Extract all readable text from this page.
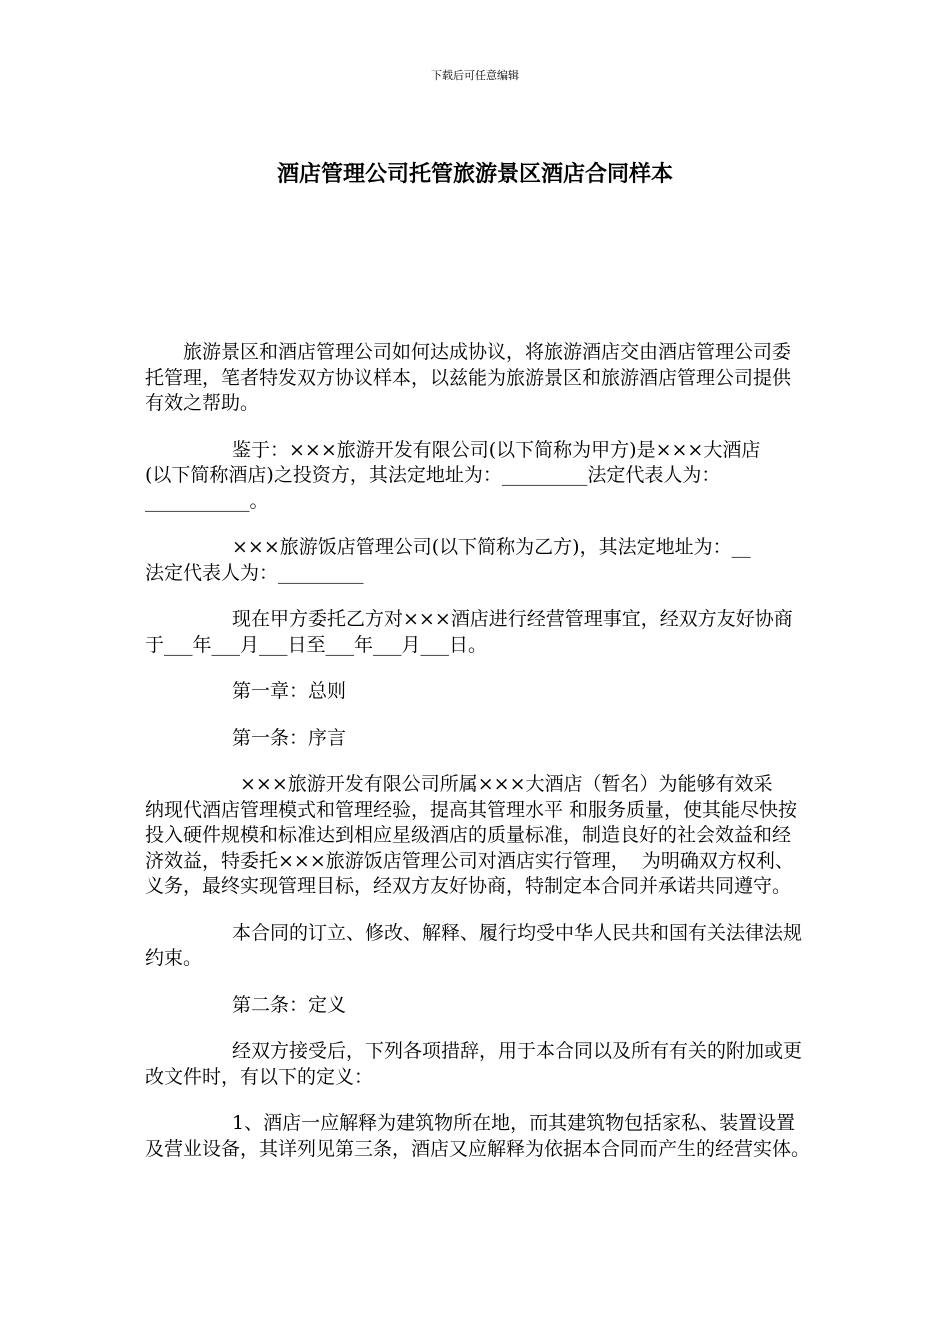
下载后可任意编辑
酒店管理公司托管旅游景区酒店合同样本
旅游景区和酒店管理公司如何达成协议，将旅游酒店交由酒店管理公司委
托管理，笔者特发双方协议样本，以兹能为旅游景区和旅游酒店管理公司提供
有效之帮助。
鉴于：×××旅游开发有限公司(以下简称为甲方)是×××大酒店
(以下简称酒店)之投资方，其法定地址为：_________法定代表人为：
___________。
×××旅游饭店管理公司(以下简称为乙方)，其法定地址为：__
法定代表人为：_________
现在甲方委托乙方对×××酒店进行经营管理事宜，经双方友好协商
于___年___月___日至___年___月___日。
第一章：总则
第一条：序言
×××旅游开发有限公司所属×××大酒店（暂名）为能够有效采
纳现代酒店管理模式和管理经验，提高其管理水平 和服务质量，使其能尽快按
投入硬件规模和标准达到相应星级酒店的质量标准，制造良好的社会效益和经
济效益，特委托×××旅游饭店管理公司对酒店实行管理，  为明确双方权利、
义务，最终实现管理目标，经双方友好协商，特制定本合同并承诺共同遵守。
本合同的订立、修改、解释、履行均受中华人民共和国有关法律法规
约束。
第二条：定义
经双方接受后，下列各项措辞，用于本合同以及所有有关的附加或更
改文件时，有以下的定义：
1、酒店一应解释为建筑物所在地，而其建筑物包括家私、装置设置
及营业设备，其详列见第三条，酒店又应解释为依据本合同而产生的经营实体。
